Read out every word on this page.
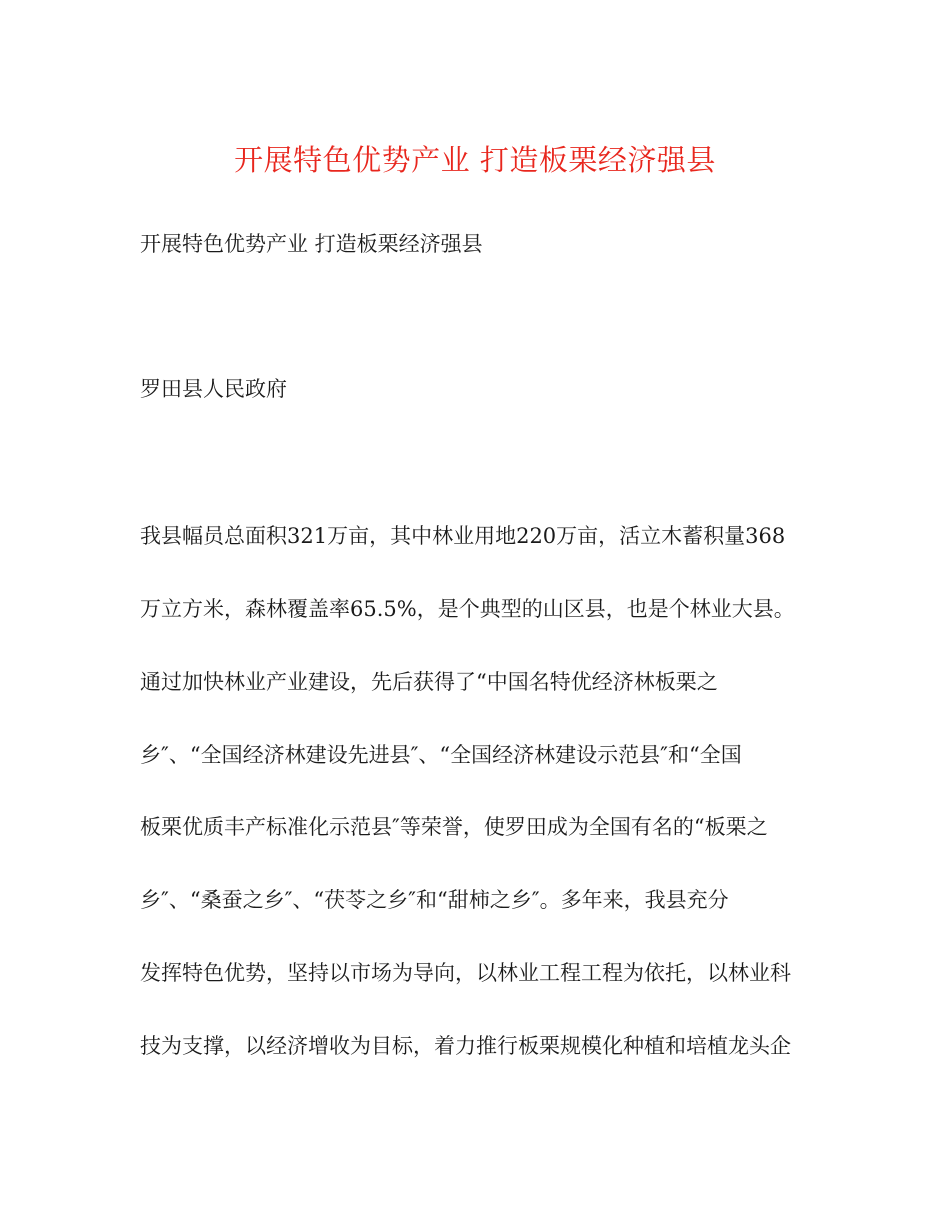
开展特色优势产业 打造板栗经济强县
开展特色优势产业 打造板栗经济强县
罗田县人民政府
我县幅员总面积321万亩，其中林业用地220万亩，活立木蓄积量368
万立方米，森林覆盖率65.5%，是个典型的山区县，也是个林业大县。
通过加快林业产业建设，先后获得了“中国名特优经济林板栗之
乡″、“全国经济林建设先进县″、“全国经济林建设示范县″和“全国
板栗优质丰产标准化示范县″等荣誉，使罗田成为全国有名的“板栗之
乡″、“桑蚕之乡″、“茯苓之乡″和“甜柿之乡″。多年来，我县充分
发挥特色优势，坚持以市场为导向，以林业工程工程为依托，以林业科
技为支撑，以经济增收为目标，着力推行板栗规模化种植和培植龙头企
